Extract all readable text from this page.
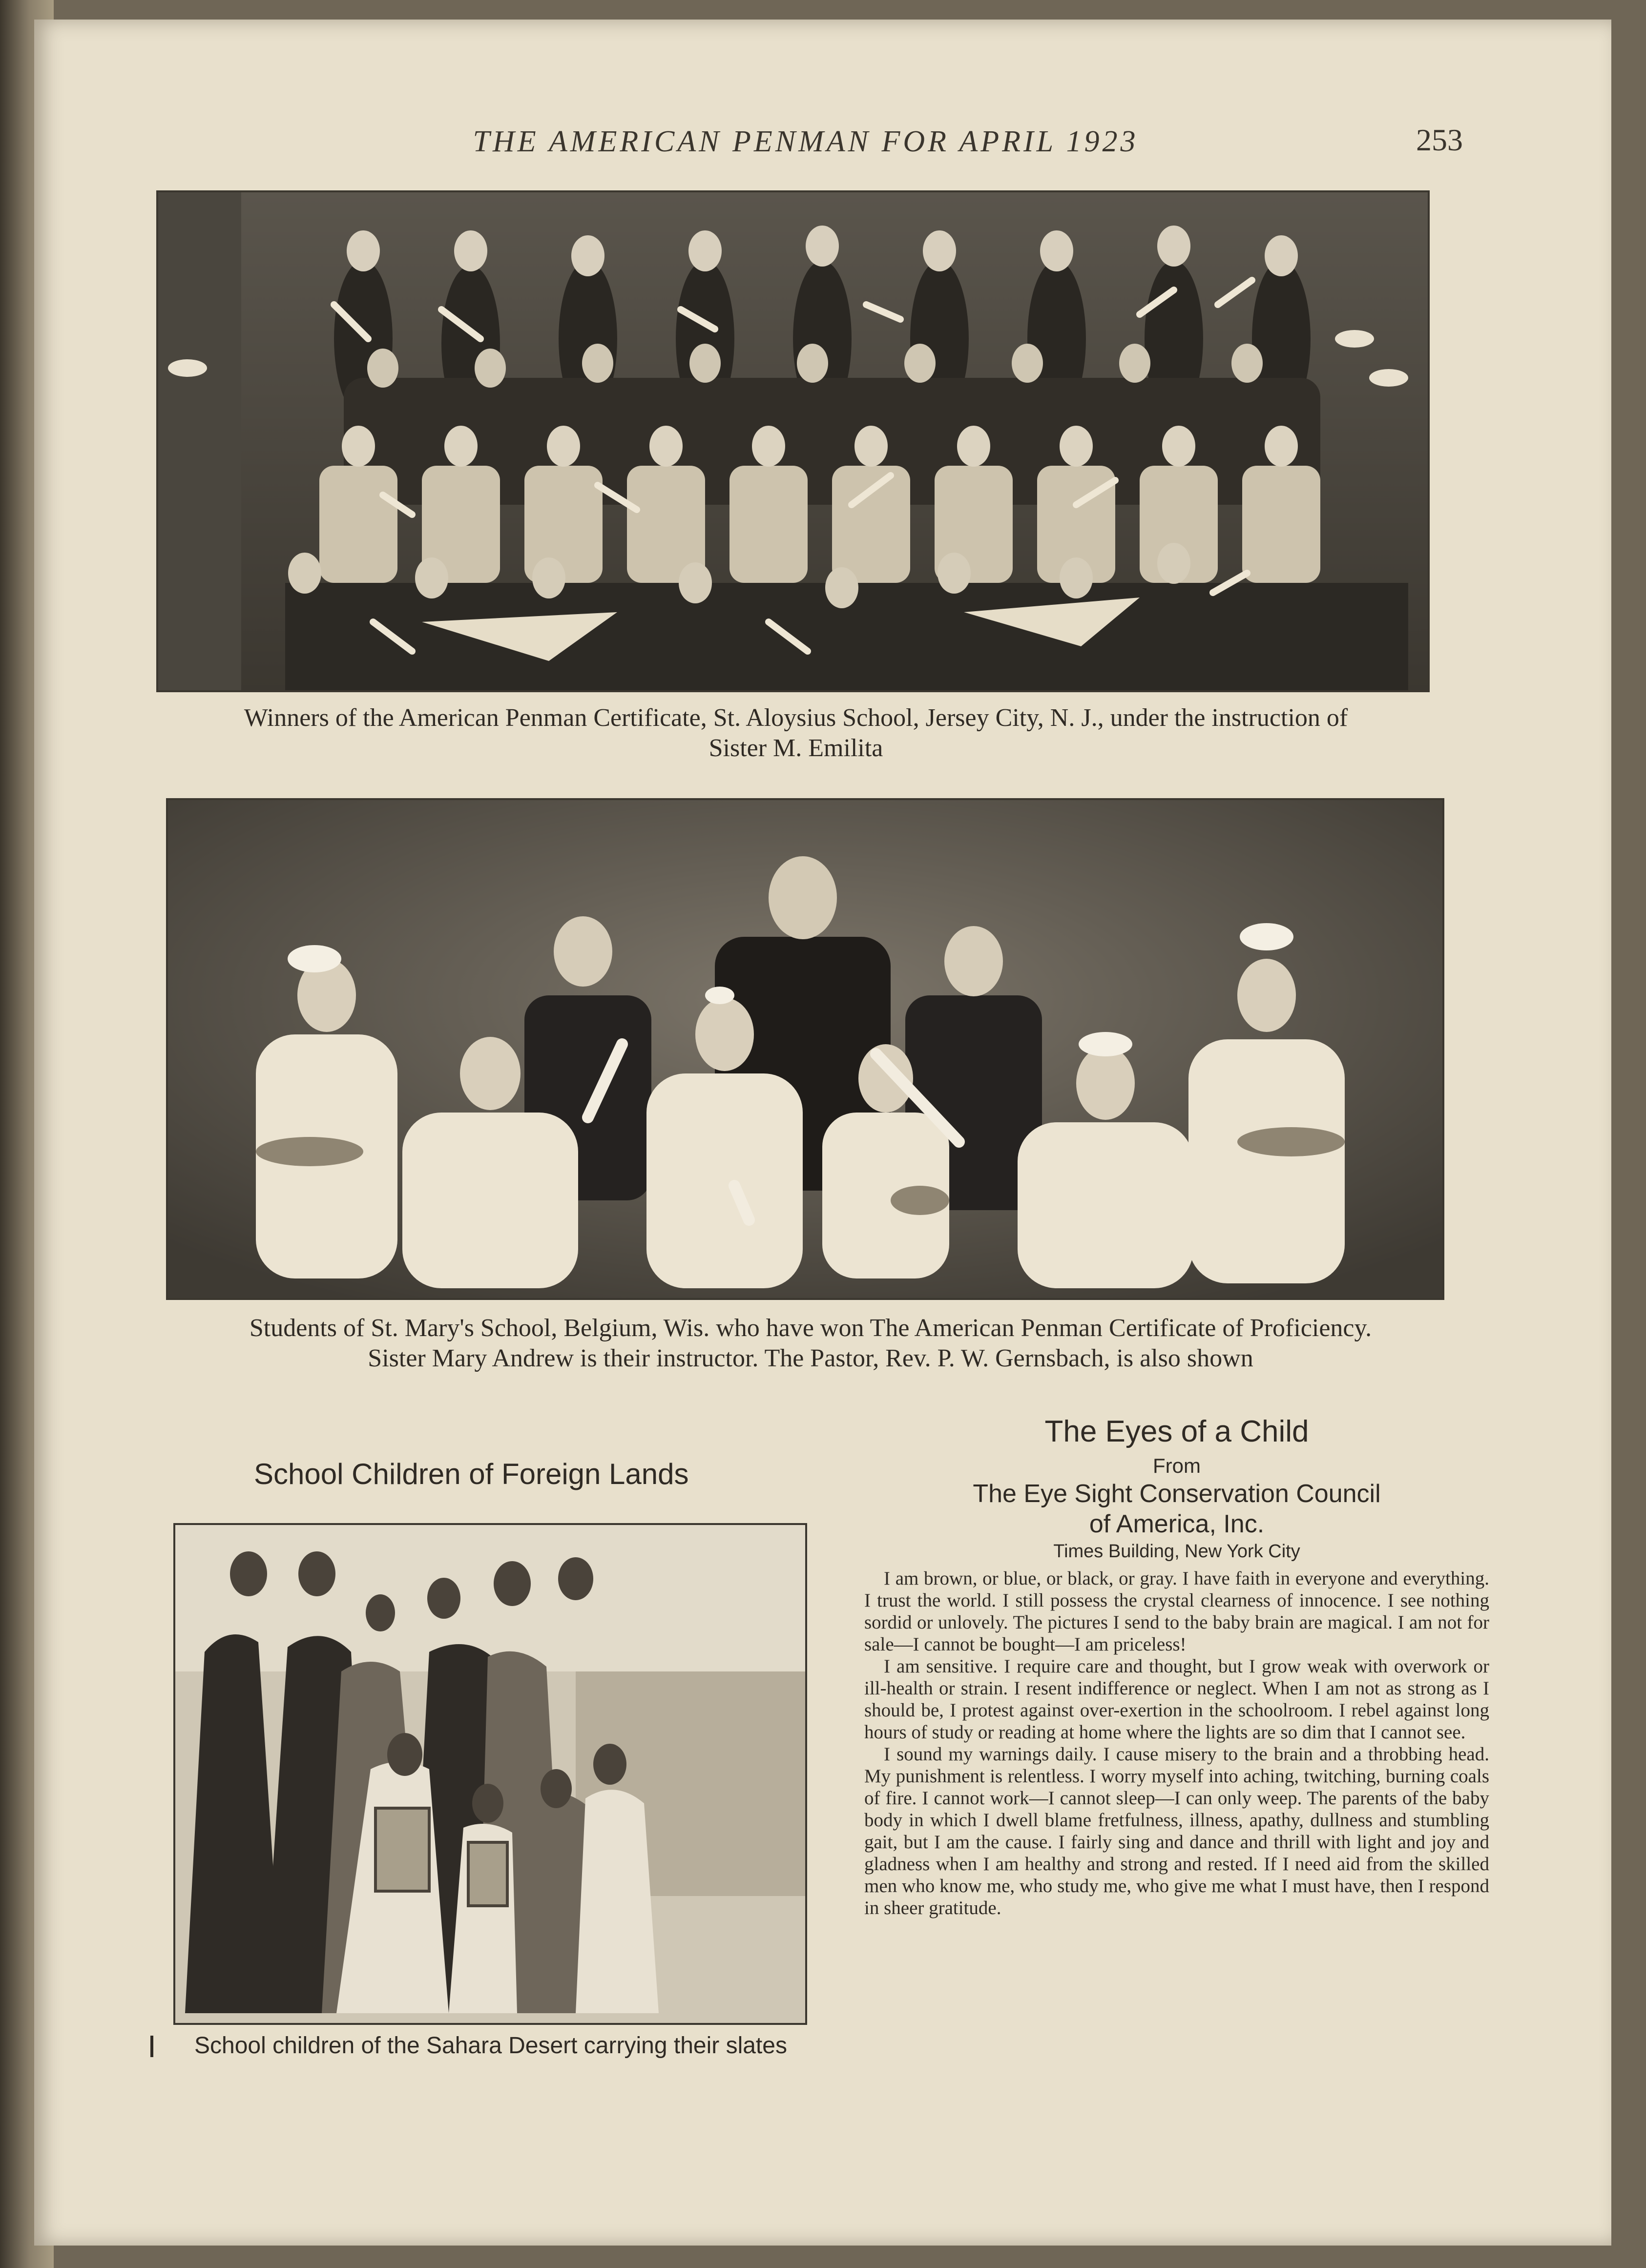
THE AMERICAN PENMAN FOR APRIL 1923	253
Winners of the American Penman Certificate, St. Aloysius School, Jersey City, N. J., under the instruction of
Sister M. Emilita
Students of St. Mary's School, Belgium, Wis. who have won The American Penman Certificate of Proficiency.
Sister Mary Andrew is their instructor. The Pastor, Rev. P. W. Gernsbach, is also shown
School Children of Foreign Lands
School children of the Sahara Desert carrying their slates
The Eyes of a Child
From
The Eye Sight Conservation Council
of America, Inc.
Times Building, New York City

I am brown, or blue, or black, or gray. I have faith in everyone and everything. I trust the world. I still possess the crystal clearness of innocence. I see nothing sordid or unlovely. The pictures I send to the baby brain are magical. I am not for sale—I cannot be bought—I am priceless!

I am sensitive. I require care and thought, but I grow weak with overwork or ill-health or strain. I resent indifference or neglect. When I am not as strong as I should be, I protest against over-exertion in the schoolroom. I rebel against long hours of study or reading at home where the lights are so dim that I cannot see.

I sound my warnings daily. I cause misery to the brain and a throbbing head. My punishment is relentless. I worry myself into aching, twitching, burning coals of fire. I cannot work—I cannot sleep—I can only weep. The parents of the baby body in which I dwell blame fretfulness, illness, apathy, dullness and stumbling gait, but I am the cause. I fairly sing and dance and thrill with light and joy and gladness when I am healthy and strong and rested. If I need aid from the skilled men who know me, who study me, who give me what I must have, then I respond in sheer gratitude.
